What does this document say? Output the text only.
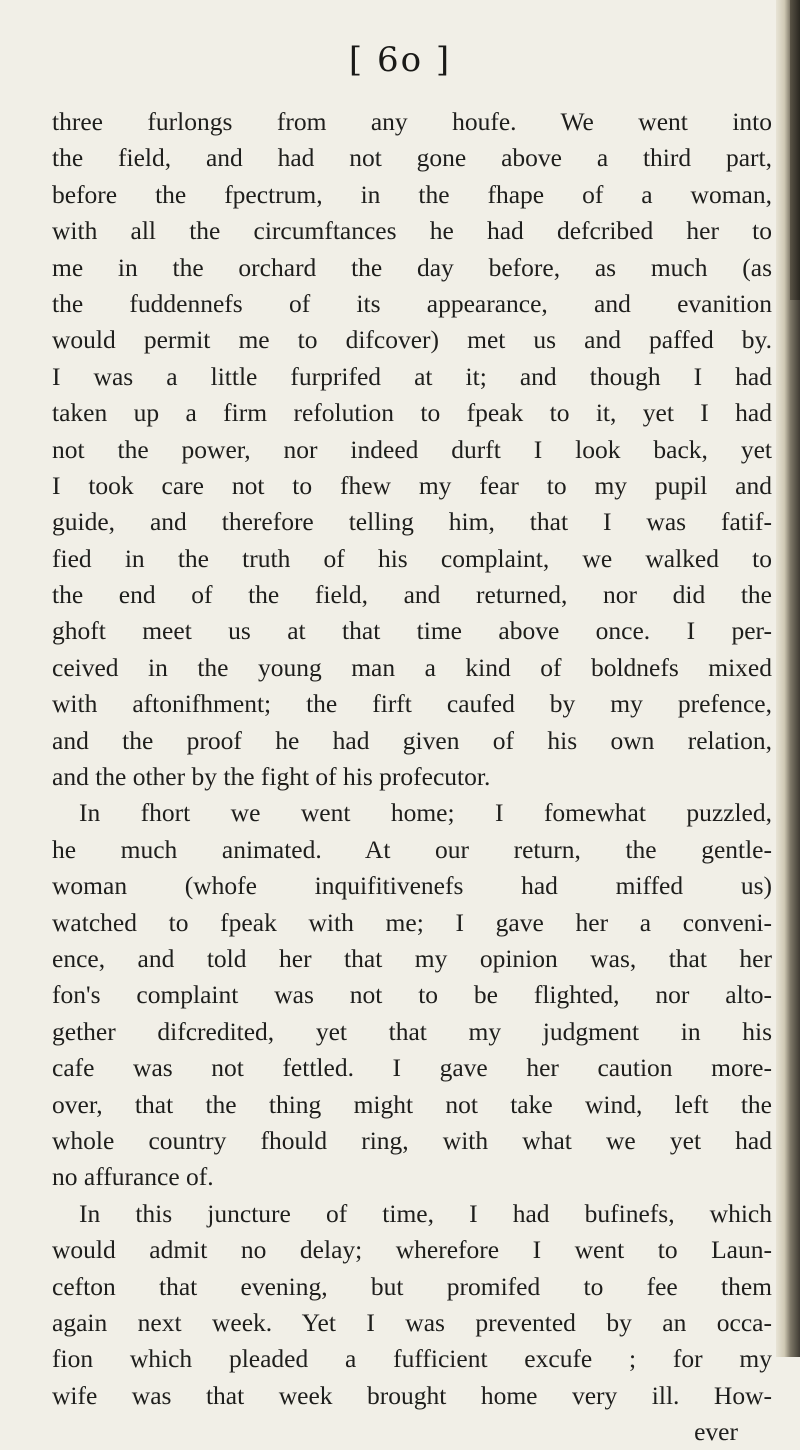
[ 6o ]

three furlongs from any houfe. We went into

the field, and had not gone above a third part,

before the fpectrum, in the fhape of a woman,

with all the circumftances he had defcribed her to

me in the orchard the day before, as much (as

the fuddennefs of its appearance, and evanition

would permit me to difcover) met us and paffed by.

I was a little furprifed at it; and though I had

taken up a firm refolution to fpeak to it, yet I had

not the power, nor indeed durft I look back, yet

I took care not to fhew my fear to my pupil and

guide, and therefore telling him, that I was fatif-

fied in the truth of his complaint, we walked to

the end of the field, and returned, nor did the

ghoft meet us at that time above once. I per-

ceived in the young man a kind of boldnefs mixed

with aftonifhment; the firft caufed by my prefence,

and the proof he had given of his own relation,

and the other by the fight of his profecutor.

In fhort we went home; I fomewhat puzzled,

he much animated. At our return, the gentle-

woman (whofe inquifitivenefs had miffed us)

watched to fpeak with me; I gave her a conveni-

ence, and told her that my opinion was, that her

fon's complaint was not to be flighted, nor alto-

gether difcredited, yet that my judgment in his

cafe was not fettled. I gave her caution more-

over, that the thing might not take wind, left the

whole country fhould ring, with what we yet had

no affurance of.

In this juncture of time, I had bufinefs, which

would admit no delay; wherefore I went to Laun-

cefton that evening, but promifed to fee them

again next week. Yet I was prevented by an occa-

fion which pleaded a fufficient excufe ; for my

wife was that week brought home very ill. How-

ever
